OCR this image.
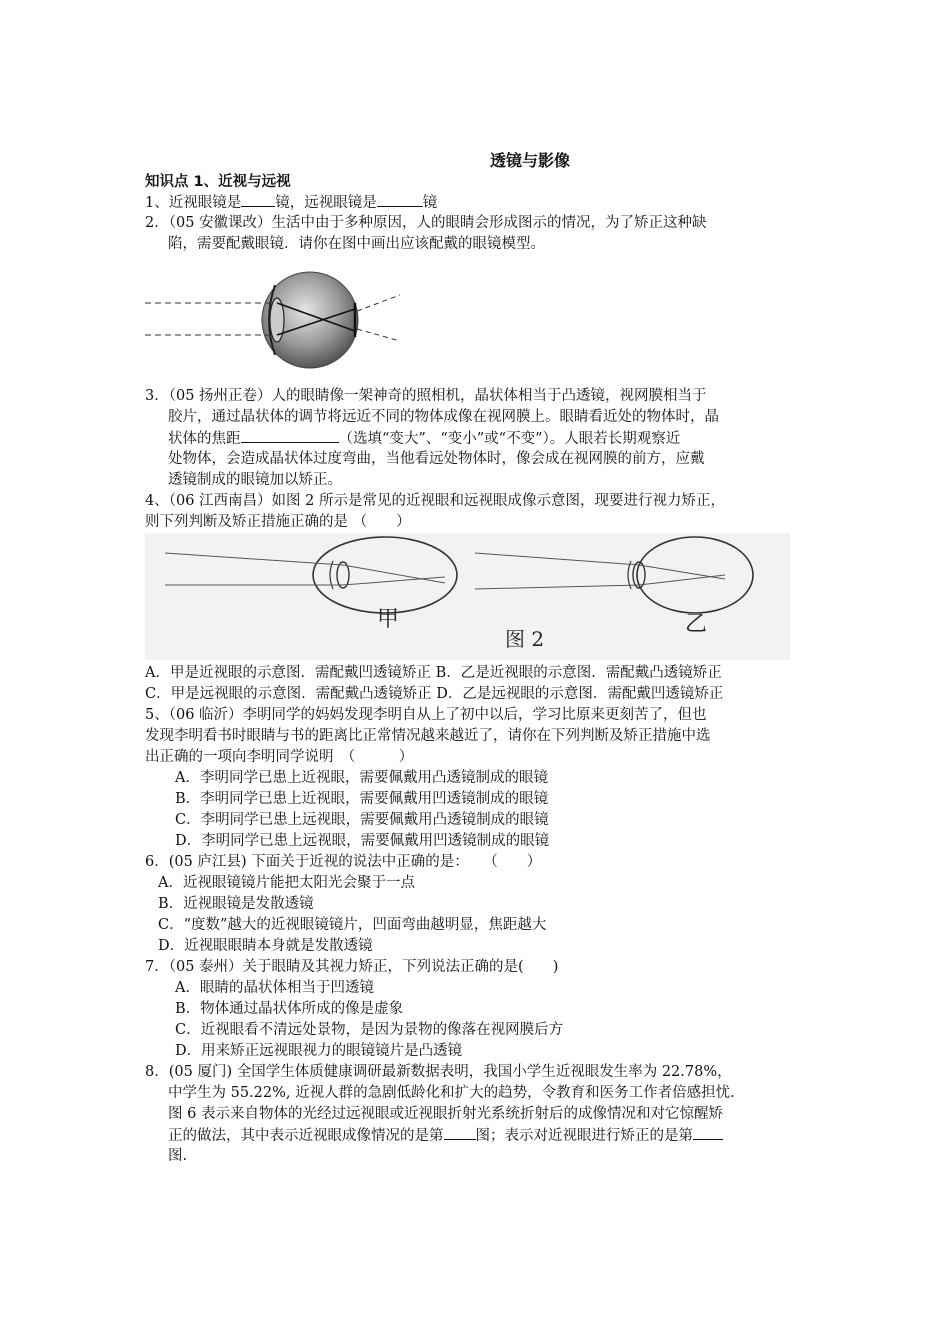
透镜与影像
知识点 1、近视与远视
1、近视眼镜是 镜，远视眼镜是	镜
2．（05 安徽课改）生活中由于多种原因，人的眼睛会形成图示的情况，为了矫正这种缺
陷，需要配戴眼镜．请你在图中画出应该配戴的眼镜模型。
3．（05 扬州正卷）人的眼睛像一架神奇的照相机，晶状体相当于凸透镜，视网膜相当于
胶片，通过晶状体的调节将远近不同的物体成像在视网膜上。眼睛看近处的物体时，晶
状体的焦距	（选填“变大”、“变小”或“不变”）。人眼若长期观察近
处物体，会造成晶状体过度弯曲，当他看远处物体时，像会成在视网膜的前方，应戴
透镜制成的眼镜加以矫正。
4、（06 江西南昌）如图 2 所示是常见的近视眼和远视眼成像示意图，现要进行视力矫正，
则下列判断及矫正措施正确的是 （　　）
甲
图 2
乙
A．甲是近视眼的示意图．需配戴凹透镜矫正 B．乙是近视眼的示意图．需配戴凸透镜矫正
C．甲是远视眼的示意图．需配戴凸透镜矫正 D．乙是远视眼的示意图．需配戴凹透镜矫正
5、（06 临沂）李明同学的妈妈发现李明自从上了初中以后，学习比原来更刻苦了，但也
发现李明看书时眼睛与书的距离比正常情况越来越近了，请你在下列判断及矫正措施中选
出正确的一项向李明同学说明　（　　　）
A．李明同学已患上近视眼，需要佩戴用凸透镜制成的眼镜
B．李明同学已患上近视眼，需要佩戴用凹透镜制成的眼镜
C．李明同学已患上远视眼，需要佩戴用凸透镜制成的眼镜
D．李明同学已患上远视眼，需要佩戴用凹透镜制成的眼镜
6．(05 庐江县) 下面关于近视的说法中正确的是：　　（　　）
A．近视眼镜镜片能把太阳光会聚于一点
B．近视眼镜是发散透镜
C．“度数”越大的近视眼镜镜片，凹面弯曲越明显，焦距越大
D．近视眼眼睛本身就是发散透镜
7．（05 泰州）关于眼睛及其视力矫正，下列说法正确的是(　　)
A．眼睛的晶状体相当于凹透镜
B．物体通过晶状体所成的像是虚象
C．近视眼看不清远处景物，是因为景物的像落在视网膜后方
D．用来矫正远视眼视力的眼镜镜片是凸透镜
8．(05 厦门) 全国学生体质健康调研最新数据表明，我国小学生近视眼发生率为 22.78%，
中学生为 55.22%, 近视人群的急剧低龄化和扩大的趋势，令教育和医务工作者倍感担忧.
图 6 表示来自物体的光经过远视眼或近视眼折射光系统折射后的成像情况和对它惊醒矫
正的做法，其中表示近视眼成像情况的是第 图；表示对近视眼进行矫正的是第
图.
